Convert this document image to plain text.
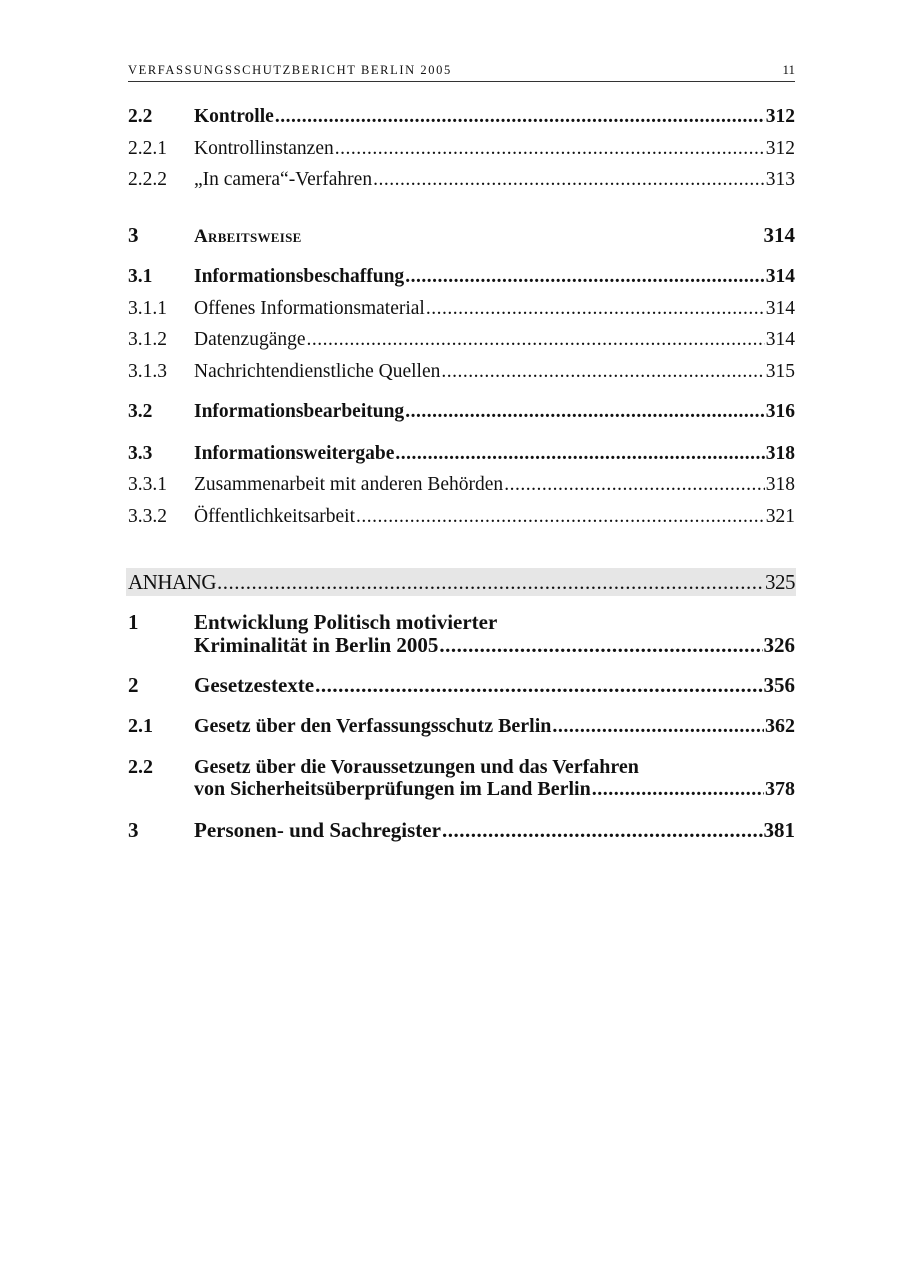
VERFASSUNGSSCHUTZBERICHT BERLIN 2005	11
2.2	Kontrolle .....	312
2.2.1	Kontrollinstanzen .....	312
2.2.2	„In camera“-Verfahren .....	313
3	Arbeitsweise	314
3.1	Informationsbeschaffung .....	314
3.1.1	Offenes Informationsmaterial .....	314
3.1.2	Datenzugänge .....	314
3.1.3	Nachrichtendienstliche Quellen .....	315
3.2	Informationsbearbeitung .....	316
3.3	Informationsweitergabe .....	318
3.3.1	Zusammenarbeit mit anderen Behörden .....	318
3.3.2	Öffentlichkeitsarbeit .....	321
ANHANG .....	325
1	Entwicklung Politisch motivierter
Kriminalität in Berlin 2005 .....	326
2	Gesetzestexte .....	356
2.1	Gesetz über den Verfassungsschutz Berlin .....	362
2.2 Gesetz über die Voraussetzungen und das Verfahren
von Sicherheitsüberprüfungen im Land Berlin .....	378
3	Personen- und Sachregister .....	381
